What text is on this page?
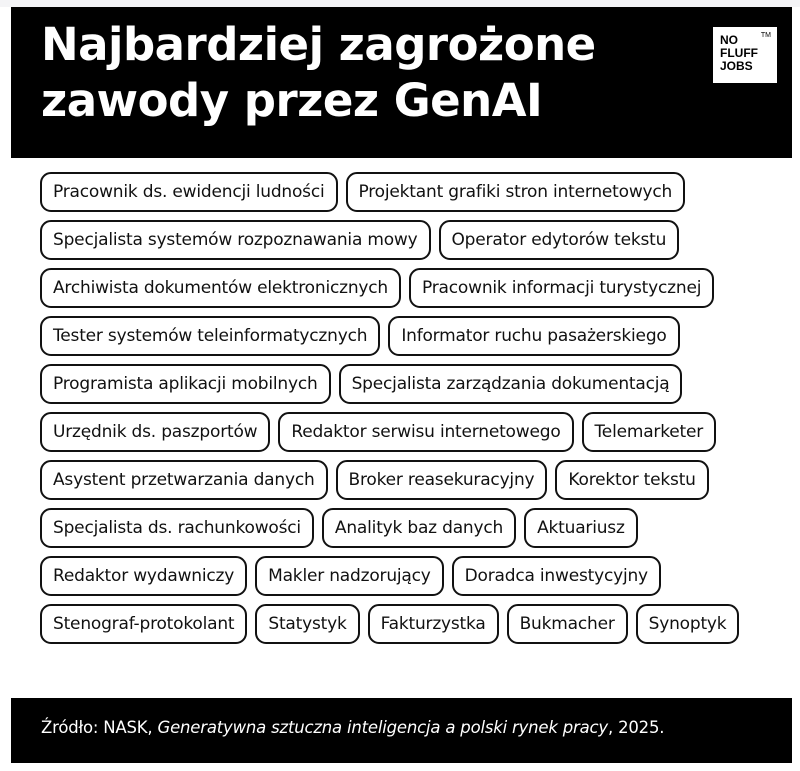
Najbardziej zagrożone
zawody przez GenAI
NO
FLUFF
JOBS
TM
Pracownik ds. ewidencji ludności	Projektant grafiki stron internetowych
Specjalista systemów rozpoznawania mowy	Operator edytorów tekstu
Archiwista dokumentów elektronicznych	Pracownik informacji turystycznej
Tester systemów teleinformatycznych	Informator ruchu pasażerskiego
Programista aplikacji mobilnych	Specjalista zarządzania dokumentacją
Urzędnik ds. paszportów	Redaktor serwisu internetowego	Telemarketer
Asystent przetwarzania danych	Broker reasekuracyjny	Korektor tekstu
Specjalista ds. rachunkowości	Analityk baz danych	Aktuariusz
Redaktor wydawniczy	Makler nadzorujący	Doradca inwestycyjny
Stenograf-protokolant	Statystyk	Fakturzystka	Bukmacher	Synoptyk
Źródło: NASK, Generatywna sztuczna inteligencja a polski rynek pracy, 2025.
